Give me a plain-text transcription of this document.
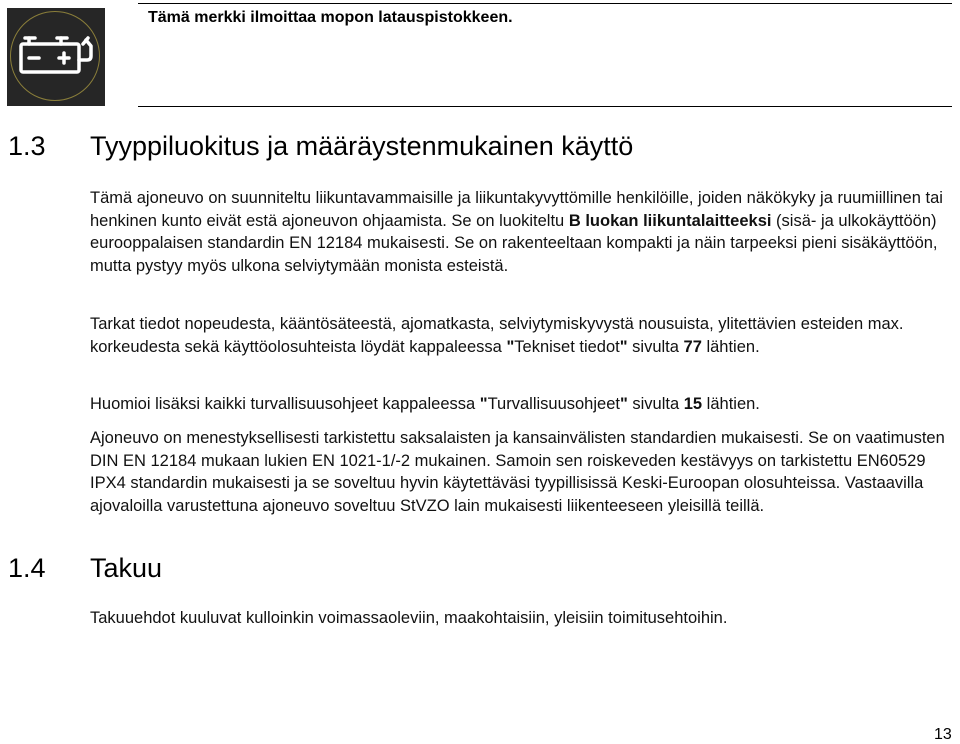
Tämä merkki ilmoittaa mopon latauspistokkeen.

1.3 Tyyppiluokitus ja määräystenmukainen käyttö

Tämä ajoneuvo on suunniteltu liikuntavammaisille ja liikuntakyvyttömille henkilöille, joiden näkökyky ja ruumiillinen tai henkinen kunto eivät estä ajoneuvon ohjaamista. Se on luokiteltu B luokan liikuntalaitteeksi (sisä- ja ulkokäyttöön) eurooppalaisen standardin EN 12184 mukaisesti. Se on rakenteeltaan kompakti ja näin tarpeeksi pieni sisäkäyttöön, mutta pystyy myös ulkona selviytymään monista esteistä.

Tarkat tiedot nopeudesta, kääntösäteestä, ajomatkasta, selviytymiskyvystä nousuista, ylitettävien esteiden max. korkeudesta sekä käyttöolosuhteista löydät kappaleessa "Tekniset tiedot" sivulta 77 lähtien.

Huomioi lisäksi kaikki turvallisuusohjeet kappaleessa "Turvallisuusohjeet" sivulta 15 lähtien.

Ajoneuvo on menestyksellisesti tarkistettu saksalaisten ja kansainvälisten standardien mukaisesti. Se on vaatimusten DIN EN 12184 mukaan lukien EN 1021-1/-2 mukainen. Samoin sen roiskeveden kestävyys on tarkistettu EN60529 IPX4 standardin mukaisesti ja se soveltuu hyvin käytettäväsi tyypillisissä Keski-Euroopan olosuhteissa. Vastaavilla ajovaloilla varustettuna ajoneuvo soveltuu StVZO lain mukaisesti liikenteeseen yleisillä teillä.

1.4 Takuu

Takuuehdot kuuluvat kulloinkin voimassaoleviin, maakohtaisiin, yleisiin toimitusehtoihin.

13
